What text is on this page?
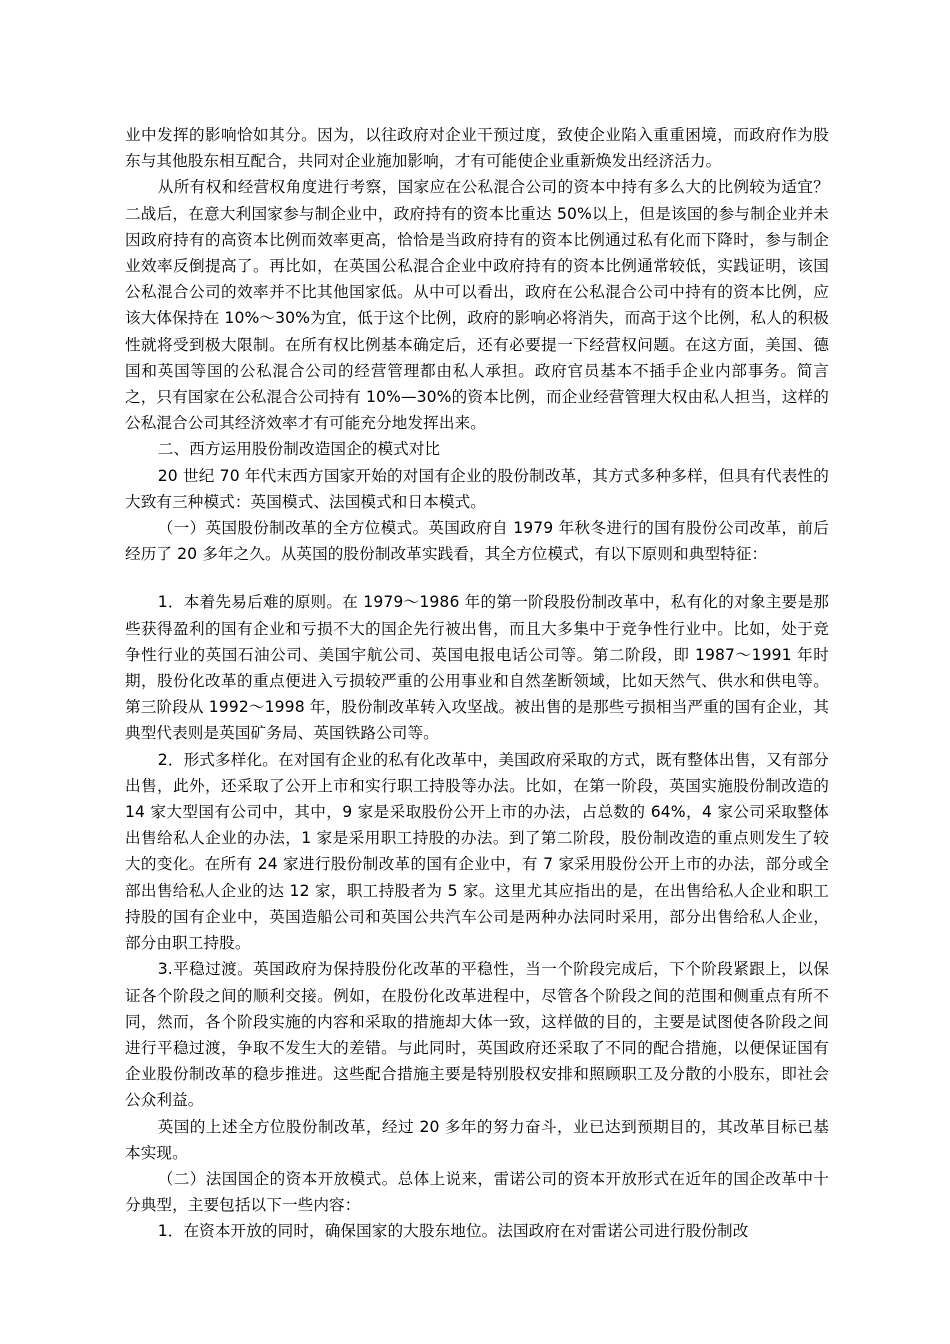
业中发挥的影响恰如其分。因为，以往政府对企业干预过度，致使企业陷入重重困境，而政府作为股东与其他股东相互配合，共同对企业施加影响，才有可能使企业重新焕发出经济活力。

从所有权和经营权角度进行考察，国家应在公私混合公司的资本中持有多么大的比例较为适宜？二战后，在意大利国家参与制企业中，政府持有的资本比重达 50%以上，但是该国的参与制企业并未因政府持有的高资本比例而效率更高，恰恰是当政府持有的资本比例通过私有化而下降时，参与制企业效率反倒提高了。再比如，在英国公私混合企业中政府持有的资本比例通常较低，实践证明，该国公私混合公司的效率并不比其他国家低。从中可以看出，政府在公私混合公司中持有的资本比例，应该大体保持在 10%～30%为宜，低于这个比例，政府的影响必将消失，而高于这个比例，私人的积极性就将受到极大限制。在所有权比例基本确定后，还有必要提一下经营权问题。在这方面，美国、德国和英国等国的公私混合公司的经营管理都由私人承担。政府官员基本不插手企业内部事务。简言之，只有国家在公私混合公司持有 10%—30%的资本比例，而企业经营管理大权由私人担当，这样的公私混合公司其经济效率才有可能充分地发挥出来。

二、西方运用股份制改造国企的模式对比

20 世纪 70 年代末西方国家开始的对国有企业的股份制改革，其方式多种多样，但具有代表性的大致有三种模式：英国模式、法国模式和日本模式。

（一）英国股份制改革的全方位模式。英国政府自 1979 年秋冬进行的国有股份公司改革，前后经历了 20 多年之久。从英国的股份制改革实践看，其全方位模式，有以下原则和典型特征：

1．本着先易后难的原则。在 1979～1986 年的第一阶段股份制改革中，私有化的对象主要是那些获得盈利的国有企业和亏损不大的国企先行被出售，而且大多集中于竞争性行业中。比如，处于竞争性行业的英国石油公司、美国宇航公司、英国电报电话公司等。第二阶段，即 1987～1991 年时期，股份化改革的重点便进入亏损较严重的公用事业和自然垄断领域，比如天然气、供水和供电等。第三阶段从 1992～1998 年，股份制改革转入攻坚战。被出售的是那些亏损相当严重的国有企业，其典型代表则是英国矿务局、英国铁路公司等。

2．形式多样化。在对国有企业的私有化改革中，美国政府采取的方式，既有整体出售，又有部分出售，此外，还采取了公开上市和实行职工持股等办法。比如，在第一阶段，英国实施股份制改造的 14 家大型国有公司中，其中，9 家是采取股份公开上市的办法，占总数的 64%，4 家公司采取整体出售给私人企业的办法，1 家是采用职工持股的办法。到了第二阶段，股份制改造的重点则发生了较大的变化。在所有 24 家进行股份制改革的国有企业中，有 7 家采用股份公开上市的办法，部分或全部出售给私人企业的达 12 家，职工持股者为 5 家。这里尤其应指出的是，在出售给私人企业和职工持股的国有企业中，英国造船公司和英国公共汽车公司是两种办法同时采用，部分出售给私人企业，部分由职工持股。

3.平稳过渡。英国政府为保持股份化改革的平稳性，当一个阶段完成后，下个阶段紧跟上，以保证各个阶段之间的顺利交接。例如，在股份化改革进程中，尽管各个阶段之间的范围和侧重点有所不同，然而，各个阶段实施的内容和采取的措施却大体一致，这样做的目的，主要是试图使各阶段之间进行平稳过渡，争取不发生大的差错。与此同时，英国政府还采取了不同的配合措施，以便保证国有企业股份制改革的稳步推进。这些配合措施主要是特别股权安排和照顾职工及分散的小股东，即社会公众利益。

英国的上述全方位股份制改革，经过 20 多年的努力奋斗，业已达到预期目的，其改革目标已基本实现。

（二）法国国企的资本开放模式。总体上说来，雷诺公司的资本开放形式在近年的国企改革中十分典型，主要包括以下一些内容：

1．在资本开放的同时，确保国家的大股东地位。法国政府在对雷诺公司进行股份制改
